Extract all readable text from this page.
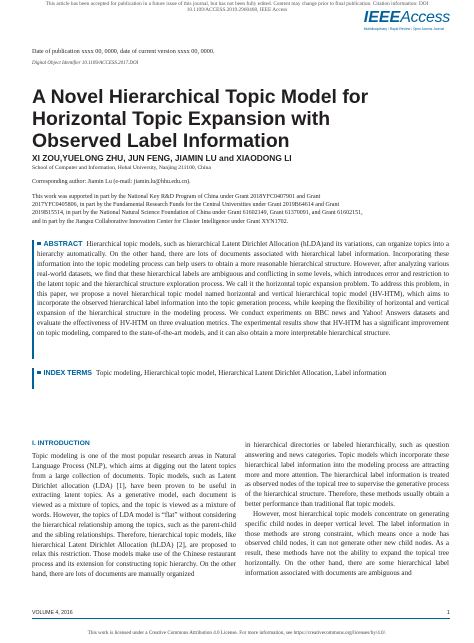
This article has been accepted for publication in a future issue of this journal, but has not been fully edited. Content may change prior to final publication. Citation information: DOI
10.1109/ACCESS.2019.2960468, IEEE Access	IEEEAccess
Multidisciplinary ⁞ Rapid Review ⁞ Open Access Journal
Date of publication xxxx 00, 0000, date of current version xxxx 00, 0000.
Digital Object Identifier 10.1109/ACCESS.2017.DOI
A Novel Hierarchical Topic Model for
Horizontal Topic Expansion with
Observed Label Information
XI ZOU,YUELONG ZHU, JUN FENG, JIAMIN LU and XIAODONG LI
School of Computer and Information, Hohai University, Nanjing 211100, China
Corresponding author: Jiamin Lu (e-mail: jiamin.lu@hhu.edu.cn).
This work was supported in part by the National Key R&D Program of China under Grant 2018YFC0407901 and Grant
2017YFC0405806, in part by the Fundamental Research Funds for the Central Universities under Grant 2019B64614 and Grant
2019B15514, in part by the National Natural Science Foundation of China under Grant 61602149, Grant 61370091, and Grant 61602151,
and in part by the Jiangsu Collaborative Innovation Center for Cluster Intelligence under Grant XYN1702.
ABSTRACT Hierarchical topic models, such as hierarchical Latent Dirichlet Allocation (hLDA)and its variations, can organize topics into a hierarchy automatically. On the other hand, there are lots of documents associated with hierarchical label information. Incorporating these information into the topic modeling process can help users to obtain a more reasonable hierarchical structure. However, after analyzing various real-world datasets, we find that these hierarchical labels are ambiguous and conflicting in some levels, which introduces error and restriction to the latent topic and the hierarchical structure exploration process. We call it the horizontal topic expansion problem. To address this problem, in this paper, we propose a novel hierarchical topic model named horizontal and vertical hierarchical topic model (HV-HTM), which aims to incorporate the observed hierarchical label information into the topic generation process, while keeping the flexibility of horizontal and vertical expansion of the hierarchical structure in the modeling process. We conduct experiments on BBC news and Yahoo! Answers datasets and evaluate the effectiveness of HV-HTM on three evaluation metrics. The experimental results show that HV-HTM has a significant improvement on topic modeling, compared to the state-of-the-art models, and it can also obtain a more interpretable hierarchical structure.
INDEX TERMS Topic modeling, Hierarchical topic model, Hierarchical Latent Dirichlet Allocation, Label information
I. INTRODUCTION

Topic modeling is one of the most popular research areas in Natural Language Process (NLP), which aims at digging out the latent topics from a large collection of documents. Topic models, such as Latent Dirichlet allocation (LDA) [1], have been proven to be useful in extracting latent topics. As a generative model, each document is viewed as a mixture of topics, and the topic is viewed as a mixture of words. However, the topics of LDA model is “flat” without considering the hierarchical relationship among the topics, such as the parent-child and the sibling relationships. Therefore, hierarchical topic models, like hierarchical Latent Dirichlet Allocation (hLDA) [2], are proposed to relax this restriction. Those models make use of the Chinese restaurant process and its extension for constructing topic hierarchy. On the other hand, there are lots of documents are manually organized

in hierarchical directories or labeled hierarchically, such as question answering and news categories. Topic models which incorporate these hierarchical label information into the modeling process are attracting more and more attention. The hierarchical label information is treated as observed nodes of the topical tree to supervise the generative process of the hierarchical structure. Therefore, these methods usually obtain a better performance than traditional flat topic models.

However, most hierarchical topic models concentrate on generating specific child nodes in deeper vertical level. The label information in those methods are strong constraint, which means once a node has observed child nodes, it can not generate other new child nodes. As a result, these methods have not the ability to expand the topical tree horizontally. On the other hand, there are some hierarchical label information associated with documents are ambiguous and

VOLUME 4, 2016	1
This work is licensed under a Creative Commons Attribution 4.0 License. For more information, see https://creativecommons.org/licenses/by/4.0/.
